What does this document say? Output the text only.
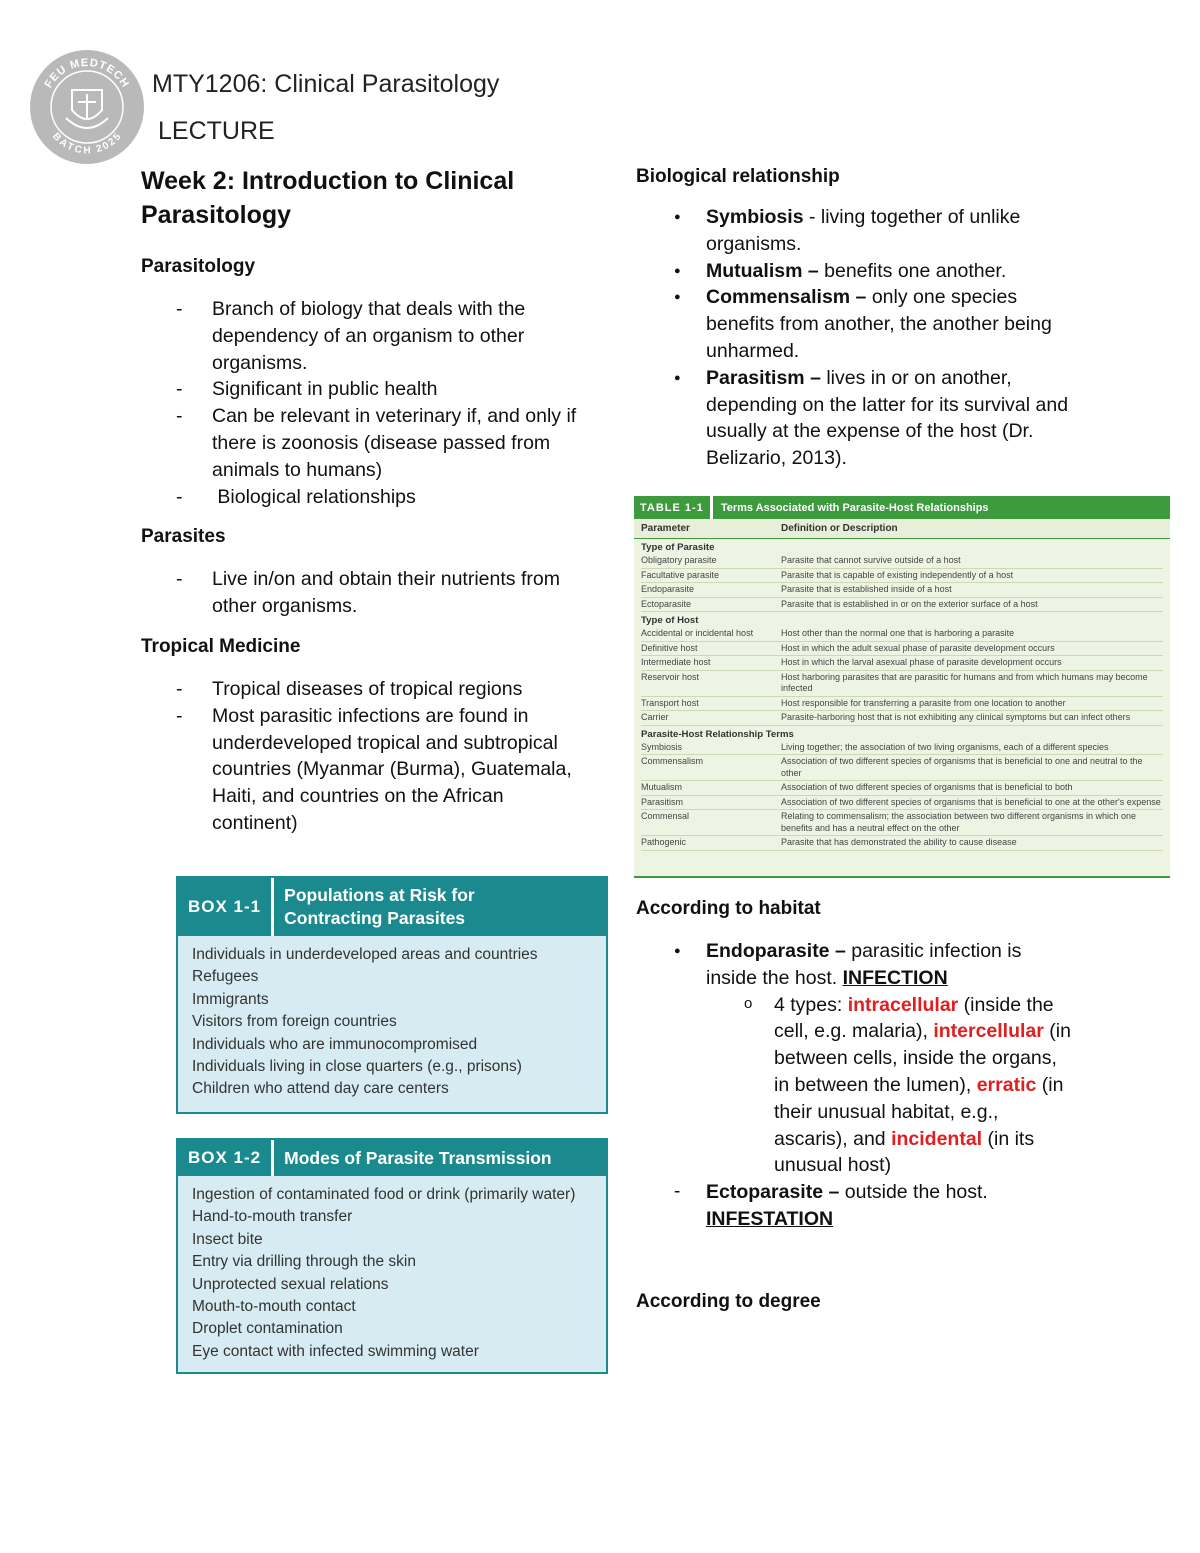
FEU MEDTECH
BATCH 2025
MTY1206: Clinical Parasitology
LECTURE
Week 2: Introduction to Clinical Parasitology
Parasitology
- Branch of biology that deals with the dependency of an organism to other organisms.
- Significant in public health
- Can be relevant in veterinary if, and only if there is zoonosis (disease passed from animals to humans)
-  Biological relationships
Parasites
- Live in/on and obtain their nutrients from other organisms.
Tropical Medicine
- Tropical diseases of tropical regions
- Most parasitic infections are found in underdeveloped tropical and subtropical countries (Myanmar (Burma), Guatemala, Haiti, and countries on the African continent)
BOX 1-1
Populations at Risk for Contracting Parasites
Individuals in underdeveloped areas and countries
Refugees
Immigrants
Visitors from foreign countries
Individuals who are immunocompromised
Individuals living in close quarters (e.g., prisons)
Children who attend day care centers
BOX 1-2	Modes of Parasite Transmission
Ingestion of contaminated food or drink (primarily water)
Hand-to-mouth transfer
Insect bite
Entry via drilling through the skin
Unprotected sexual relations
Mouth-to-mouth contact
Droplet contamination
Eye contact with infected swimming water
Biological relationship
● Symbiosis - living together of unlike organisms.
● Mutualism – benefits one another.
● Commensalism – only one species benefits from another, the another being unharmed.
● Parasitism – lives in or on another, depending on the latter for its survival and usually at the expense of the host (Dr. Belizario, 2013).
According to habitat
● Endoparasite – parasitic infection is inside the host. INFECTION
o 4 types: intracellular (inside the cell, e.g. malaria), intercellular (in between cells, inside the organs, in between the lumen), erratic (in their unusual habitat, e.g., ascaris), and incidental (in its unusual host)
- Ectoparasite – outside the host. INFESTATION
According to degree
TABLE 1-1	Terms Associated with Parasite-Host Relationships
Parameter	Definition or Description
Type of Parasite
Obligatory parasite	Parasite that cannot survive outside of a host
Facultative parasite	Parasite that is capable of existing independently of a host
Endoparasite	Parasite that is established inside of a host
Ectoparasite	Parasite that is established in or on the exterior surface of a host
Type of Host
Accidental or incidental host	Host other than the normal one that is harboring a parasite
Definitive host	Host in which the adult sexual phase of parasite development occurs
Intermediate host	Host in which the larval asexual phase of parasite development occurs
Reservoir host	Host harboring parasites that are parasitic for humans and from which humans may become infected
Transport host	Host responsible for transferring a parasite from one location to another
Carrier	Parasite-harboring host that is not exhibiting any clinical symptoms but can infect others
Parasite-Host Relationship Terms
Symbiosis	Living together; the association of two living organisms, each of a different species
Commensalism	Association of two different species of organisms that is beneficial to one and neutral to the other
Mutualism	Association of two different species of organisms that is beneficial to both
Parasitism	Association of two different species of organisms that is beneficial to one at the other's expense
Commensal	Relating to commensalism; the association between two different organisms in which one benefits and has a neutral effect on the other
Pathogenic	Parasite that has demonstrated the ability to cause disease
